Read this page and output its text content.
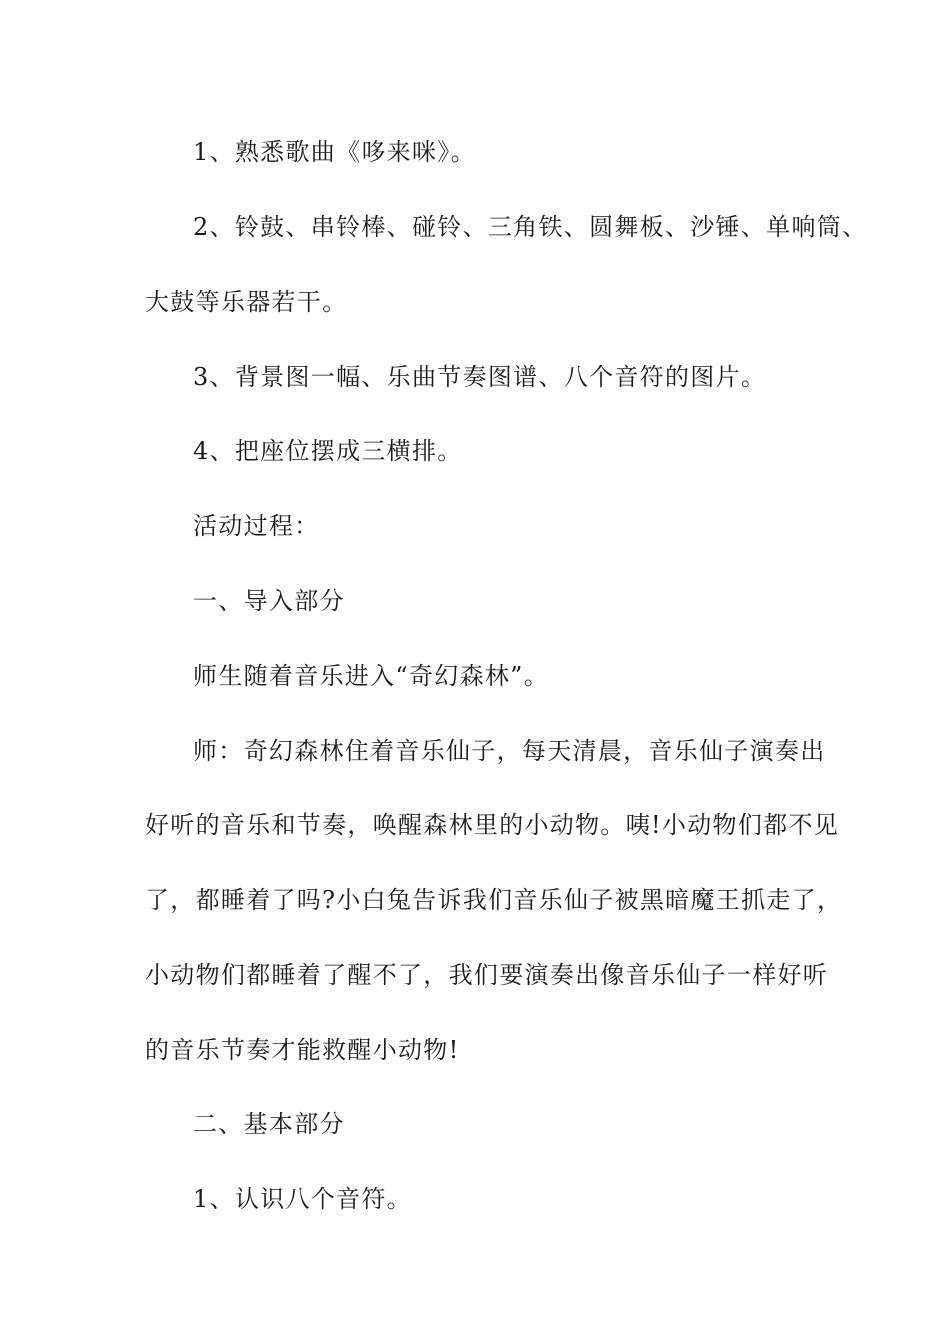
1、熟悉歌曲《哆来咪》。
2、铃鼓、串铃棒、碰铃、三角铁、圆舞板、沙锤、单响筒、
大鼓等乐器若干。
3、背景图一幅、乐曲节奏图谱、八个音符的图片。
4、把座位摆成三横排。
活动过程：
一、导入部分
师生随着音乐进入“奇幻森林”。
师：奇幻森林住着音乐仙子，每天清晨，音乐仙子演奏出
好听的音乐和节奏，唤醒森林里的小动物。咦!小动物们都不见
了，都睡着了吗?小白兔告诉我们音乐仙子被黑暗魔王抓走了，
小动物们都睡着了醒不了，我们要演奏出像音乐仙子一样好听
的音乐节奏才能救醒小动物!
二、基本部分
1、认识八个音符。
